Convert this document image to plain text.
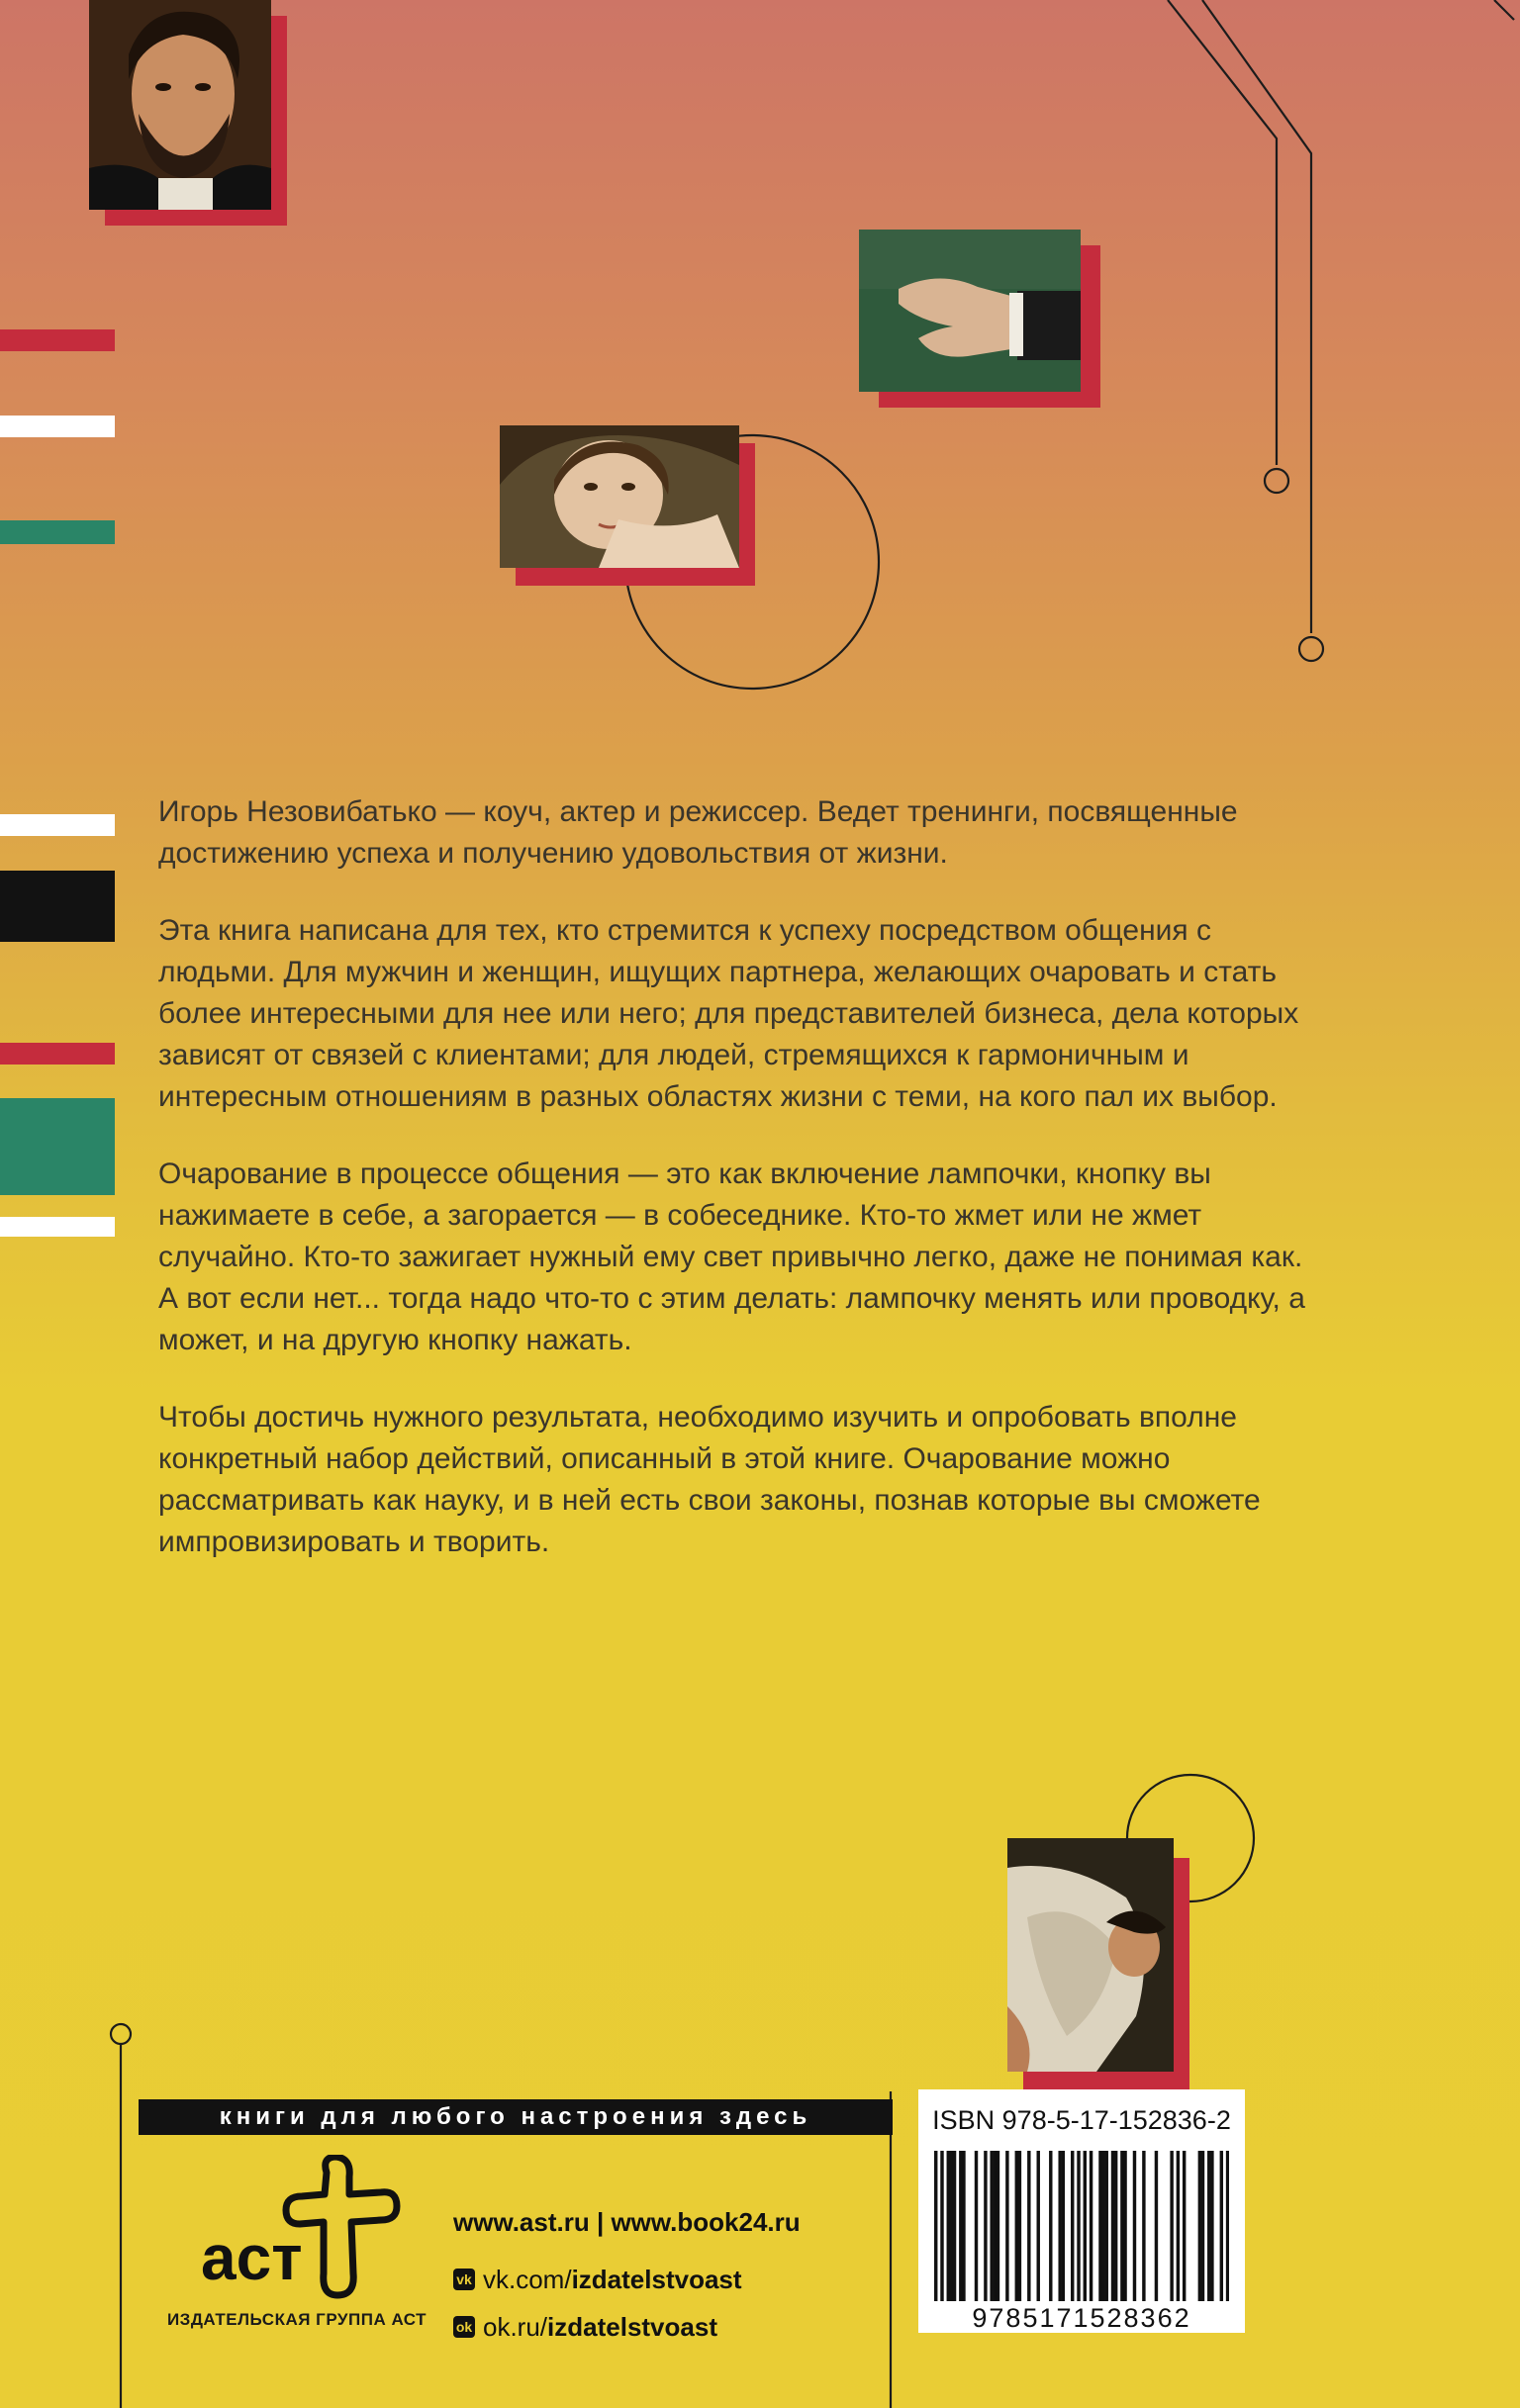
Игорь Незовибатько — коуч, актер и режиссер. Ведет тренинги, посвященные достижению успеха и получению удовольствия от жизни.

Эта книга написана для тех, кто стремится к успеху посредством общения с людьми. Для мужчин и женщин, ищущих партнера, желающих очаровать и стать более интересными для нее или него; для представителей бизнеса, дела которых зависят от связей с клиентами; для людей, стремящихся к гармоничным и интересным отношениям в разных областях жизни с теми, на кого пал их выбор.

Очарование в процессе общения — это как включение лампочки, кнопку вы нажимаете в себе, а загорается — в собеседнике. Кто-то жмет или не жмет случайно. Кто-то зажигает нужный ему свет привычно легко, даже не понимая как. А вот если нет... тогда надо что-то с этим делать: лампочку менять или проводку, а может, и на другую кнопку нажать.

Чтобы достичь нужного результата, необходимо изучить и опробовать вполне конкретный набор действий, описанный в этой книге. Очарование можно рассматривать как науку, и в ней есть свои законы, познав которые вы сможете импровизировать и творить.

книги для любого настроения здесь
аст
ИЗДАТЕЛЬСКАЯ ГРУППА АСТ
www.ast.ru | www.book24.ru
vk vk.com/ izdatelstvoast
ok ok.ru/ izdatelstvoast
ISBN 978-5-17-152836-2
9785171528362
